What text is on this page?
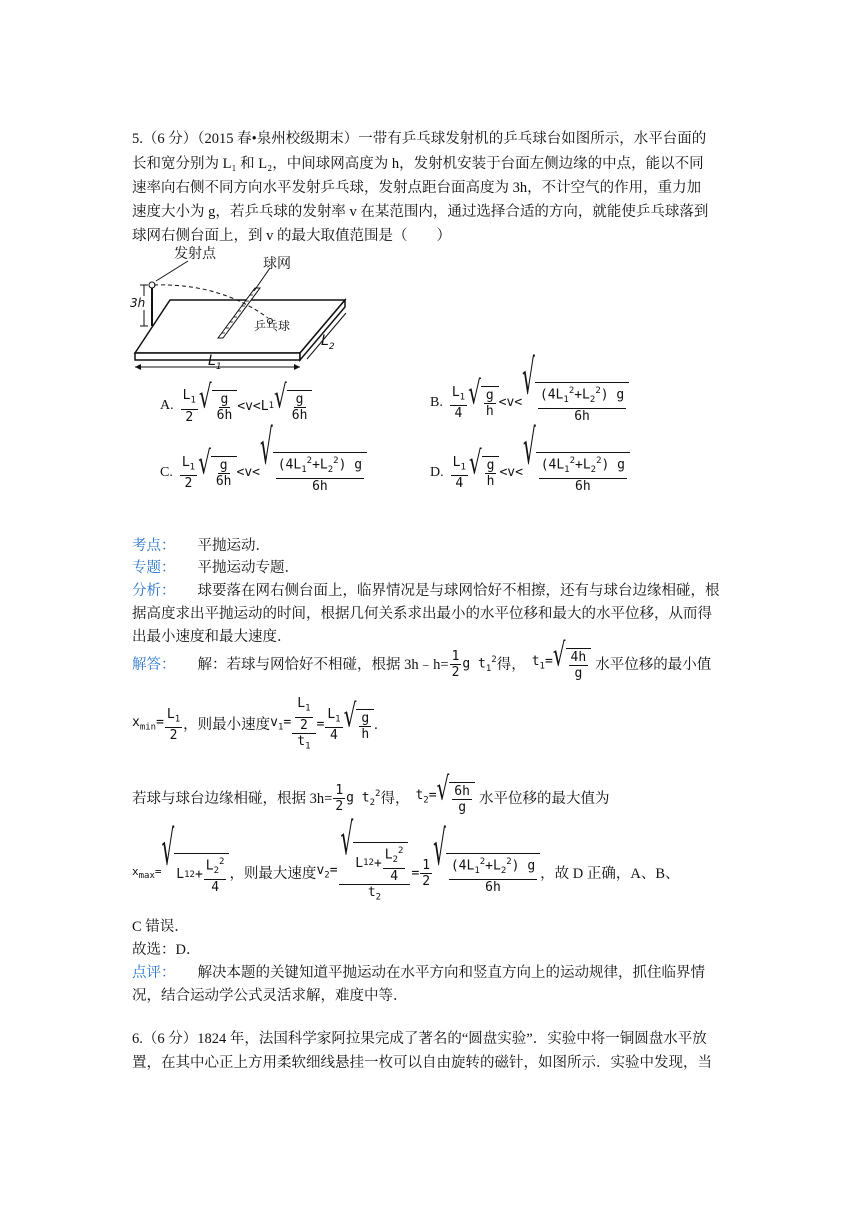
5.（6 分）（2015 春•泉州校级期末）一带有乒乓球发射机的乒乓球台如图所示，水平台面的
长和宽分别为 L₁ 和 L₂，中间球网高度为 h，发射机安装于台面左侧边缘的中点，能以不同
速率向右侧不同方向水平发射乒乓球，发射点距台面高度为 3h，不计空气的作用，重力加
速度大小为 g，若乒乓球的发射率 v 在某范围内，通过选择合适的方向，就能使乒乓球落到
球网右侧台面上，到 v 的最大取值范围是（　　）
发射点
球网
乒乓球
3h
$L_1$
$L_2$
A. $\frac{L_1}{2}$ √ $\frac{g}{6h} <v<L$ 1 √ $\frac{g}{6h}$	B. $\frac{L_1}{4}$ √ $\frac{g}{h} <v<$ √ $\frac{(4L_1^2+L_2^2) g}{6h}$
C. $\frac{L_1}{2}$ √ $\frac{g}{6h} <v<$ √ $\frac{(4L_1^2+L_2^2) g}{6h}$	D. $\frac{L_1}{4}$ √ $\frac{g}{h} <v<$ √ $\frac{(4L_1^2+L_2^2) g}{6h}$
考点： 平抛运动．
专题： 平抛运动专题．
分析： 球要落在网右侧台面上，临界情况是与球网恰好不相擦，还有与球台边缘相碰，根
据高度求出平抛运动的时间，根据几何关系求出最小的水平位移和最大的水平位移，从而得
出最小速度和最大速度．
解答： 解：若球与网恰好不相碰，根据 3h﹣h= $\frac{1}{2}$ g $t_1^2$ 得， $t_1=$ √ $\frac{4h}{g}$ 水平位移的最小值
$x_{min}= \frac{L_1}{2}$ ，则最小速度 $v_1= \frac{\frac{L_1}{2}}{t_1} = \frac{L_1}{4}$ √ $\frac{g}{h}$ .
若球与球台边缘相碰，根据 $3h= \frac{1}{2}$ g $t_2^2$ 得， $t_2=$ √ $\frac{6h}{g}$ 水平位移的最大值为
$x_{max}=$ √ L 1 $2 + \frac{L_2^2}{4}$ ，则最大速度 $v_2= \frac{√ L 1 2 + \frac{L_2^2}{4}}{t_2} = \frac{1}{2}$ √ $\frac{(4L_1^2+L_2^2) g}{6h}$ ，故 D 正确，A、B、
C 错误．
故选：D．
点评： 解决本题的关键知道平抛运动在水平方向和竖直方向上的运动规律，抓住临界情
况，结合运动学公式灵活求解，难度中等．
6.（6 分）1824 年，法国科学家阿拉果完成了著名的“圆盘实验”．实验中将一铜圆盘水平放
置，在其中心正上方用柔软细线悬挂一枚可以自由旋转的磁针，如图所示．实验中发现，当
